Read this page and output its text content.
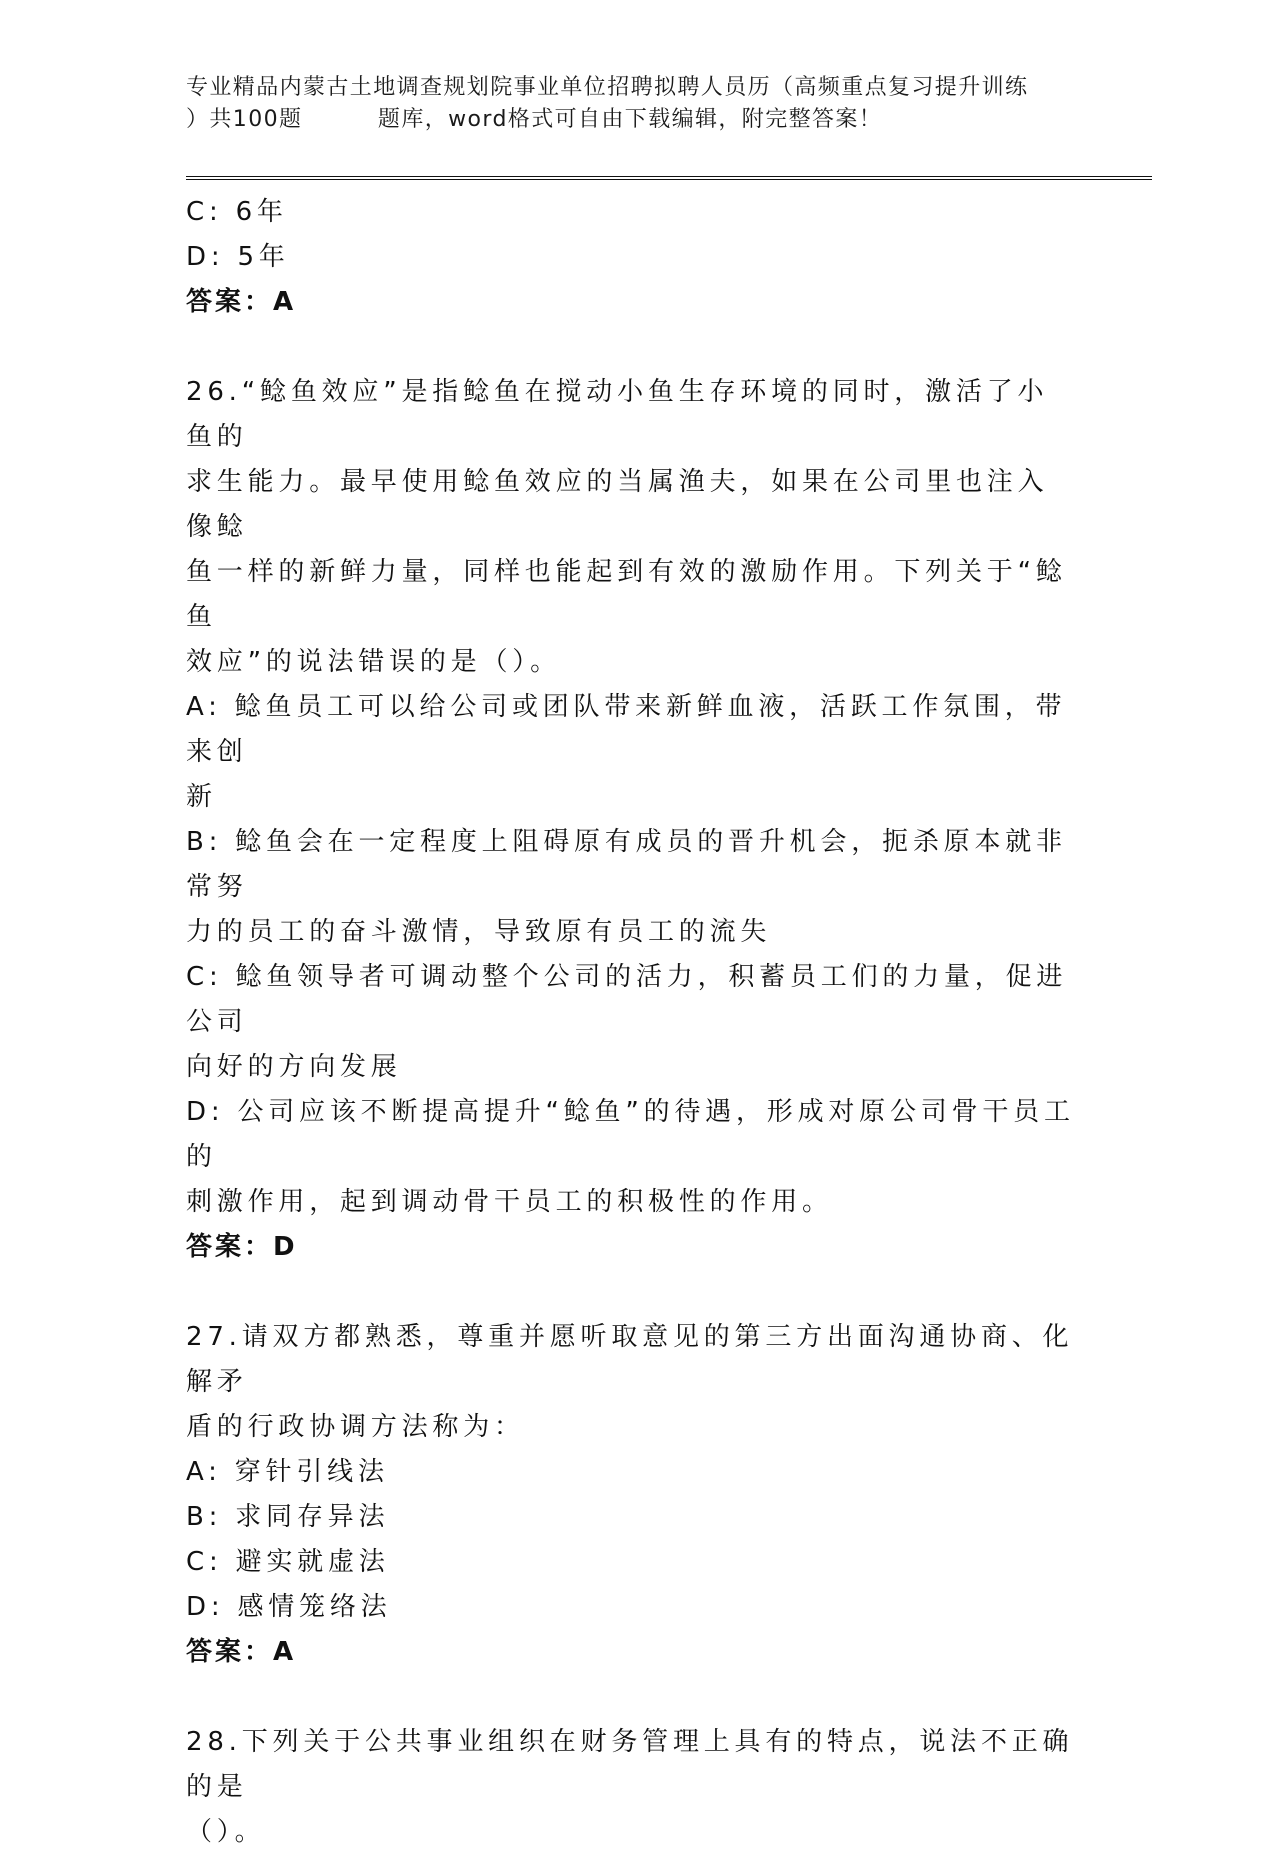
专业精品内蒙古土地调查规划院事业单位招聘拟聘人员历（高频重点复习提升训练
）共100题         题库，word格式可自由下载编辑，附完整答案！
C: 6年
D: 5年
答案：A
26.“鲶鱼效应”是指鲶鱼在搅动小鱼生存环境的同时，激活了小鱼的
求生能力。最早使用鲶鱼效应的当属渔夫，如果在公司里也注入像鲶
鱼一样的新鲜力量，同样也能起到有效的激励作用。下列关于“鲶鱼
效应”的说法错误的是（）。
A: 鲶鱼员工可以给公司或团队带来新鲜血液，活跃工作氛围，带来创
新
B: 鲶鱼会在一定程度上阻碍原有成员的晋升机会，扼杀原本就非常努
力的员工的奋斗激情，导致原有员工的流失
C: 鲶鱼领导者可调动整个公司的活力，积蓄员工们的力量，促进公司
向好的方向发展
D: 公司应该不断提高提升“鲶鱼”的待遇，形成对原公司骨干员工的
刺激作用，起到调动骨干员工的积极性的作用。
答案：D
27.请双方都熟悉，尊重并愿听取意见的第三方出面沟通协商、化解矛
盾的行政协调方法称为：
A: 穿针引线法
B: 求同存异法
C: 避实就虚法
D: 感情笼络法
答案：A
28.下列关于公共事业组织在财务管理上具有的特点，说法不正确的是
（）。
